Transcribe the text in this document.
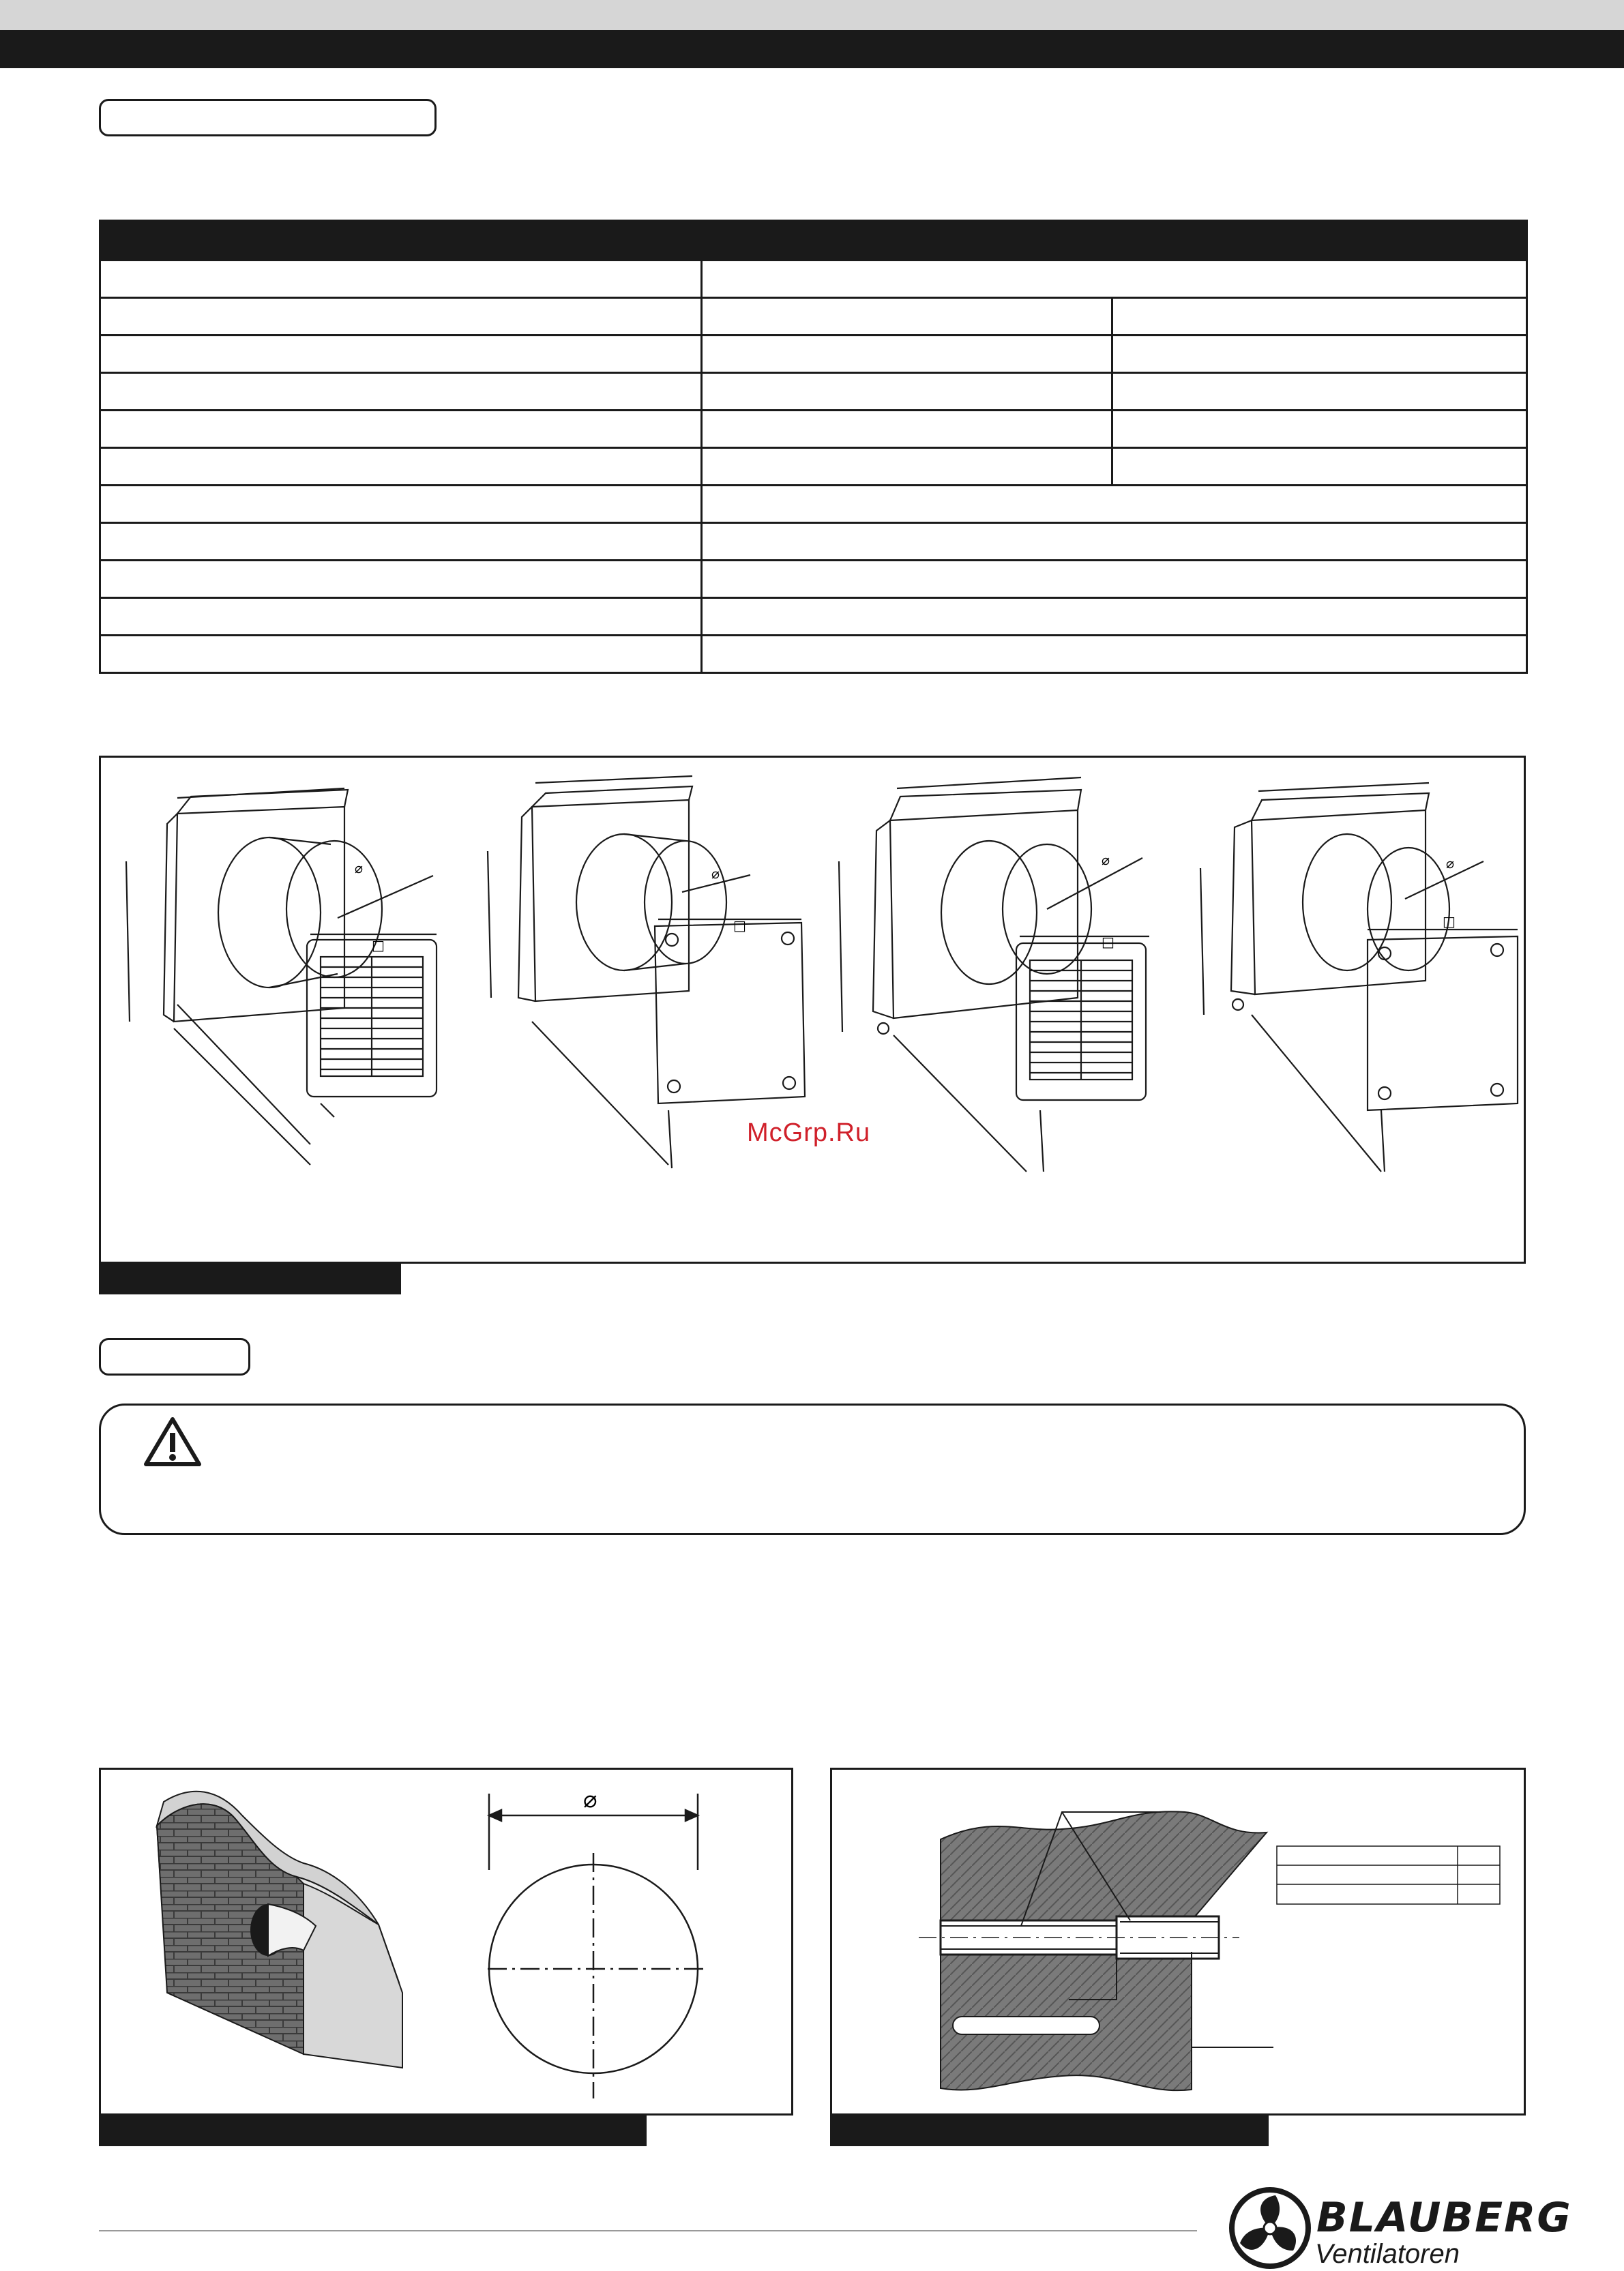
⌀
□
⌀
□
⌀
□
⌀
□
McGrp.Ru
⌀
BLAUBERG
Ventilatoren
